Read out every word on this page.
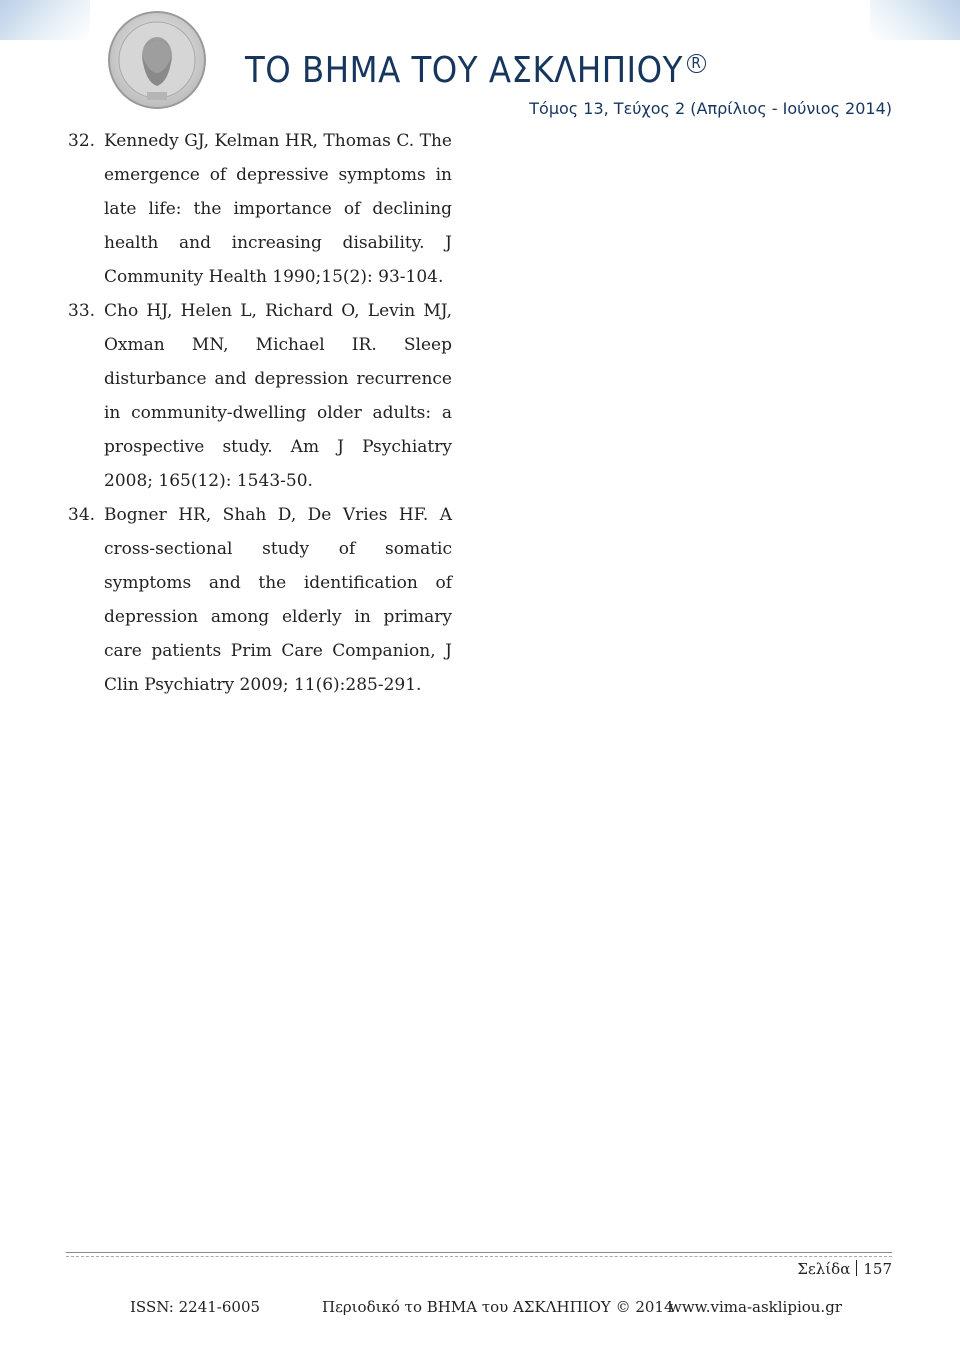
ΤΟ ΒΗΜΑ ΤΟΥ ΑΣΚΛΗΠΙΟΥ R
Τόμος 13, Τεύχος 2 (Απρίλιος - Ιούνιος 2014)

32. Kennedy GJ, Kelman HR, Thomas C. The emergence of depressive symptoms in late life: the importance of declining health and increasing disability. J Community Health 1990;15(2): 93-104.

33. Cho HJ, Helen L, Richard O, Levin MJ, Oxman MN, Michael IR. Sleep disturbance and depression recurrence in community-dwelling older adults: a prospective study. Am J Psychiatry 2008; 165(12): 1543-50.

34. Bogner HR, Shah D, De Vries HF. A cross-sectional study of somatic symptoms and the identification of depression among elderly in primary care patients Prim Care Companion, J Clin Psychiatry 2009; 11(6):285-291.

Σελίδα 157
ISSN: 2241-6005	Περιοδικό το ΒΗΜΑ του ΑΣΚΛΗΠΙΟΥ © 2014
www.vima-asklipiou.gr
